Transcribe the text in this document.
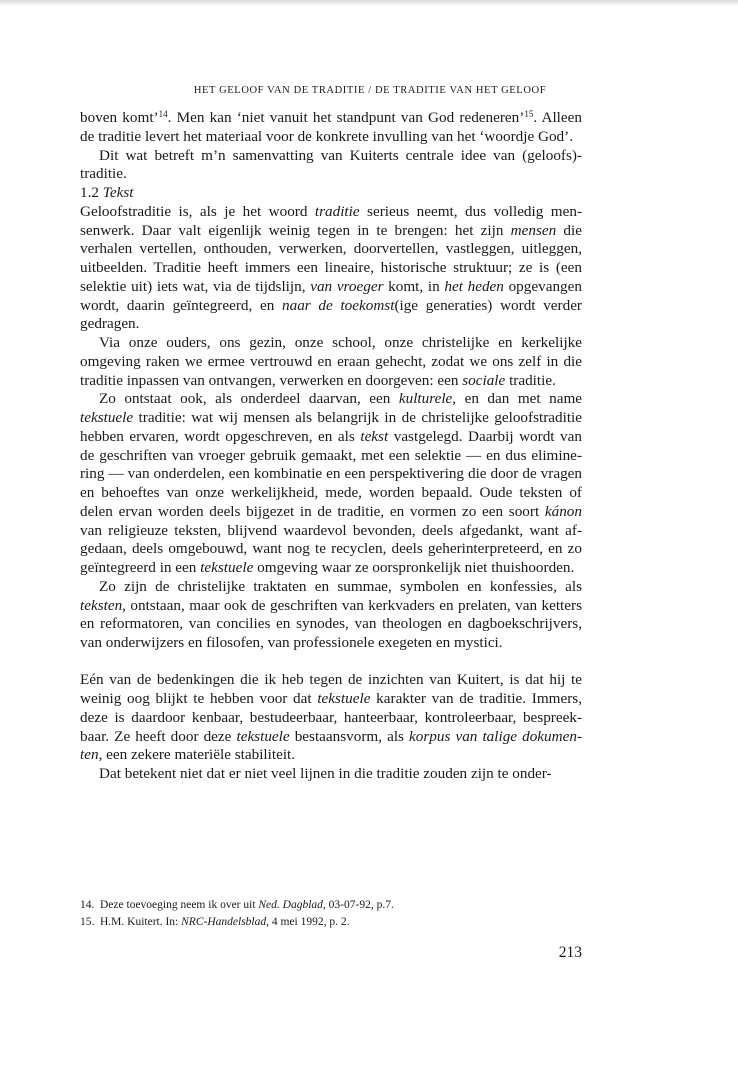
HET GELOOF VAN DE TRADITIE / DE TRADITIE VAN HET GELOOF

boven komt’$^{14}$. Men kan ‘niet vanuit het standpunt van God redeneren’$^{15}$. Alleen de traditie levert het materiaal voor de konkrete invulling van het ‘woordje God’.

Dit wat betreft m’n samenvatting van Kuiterts centrale idee van (geloofs)-traditie.

1.2 Tekst

Geloofstraditie is, als je het woord traditie serieus neemt, dus volledig mensenwerk. Daar valt eigenlijk weinig tegen in te brengen: het zijn mensen die verhalen vertellen, onthouden, verwerken, doorvertellen, vastleggen, uitleggen, uitbeelden. Traditie heeft immers een lineaire, historische struktuur; ze is (een selektie uit) iets wat, via de tijdslijn, van vroeger komt, in het heden opgevangen wordt, daarin geïntegreerd, en naar de toekomst(ige generaties) wordt verder gedragen.

Via onze ouders, ons gezin, onze school, onze christelijke en kerkelijke omgeving raken we ermee vertrouwd en eraan gehecht, zodat we ons zelf in die traditie inpassen van ontvangen, verwerken en doorgeven: een sociale traditie.

Zo ontstaat ook, als onderdeel daarvan, een kulturele, en dan met name tekstuele traditie: wat wij mensen als belangrijk in de christelijke geloofstraditie hebben ervaren, wordt opgeschreven, en als tekst vastgelegd. Daarbij wordt van de geschriften van vroeger gebruik gemaakt, met een selektie — en dus eliminering — van onderdelen, een kombinatie en een perspektivering die door de vragen en behoeftes van onze werkelijkheid, mede, worden bepaald. Oude teksten of delen ervan worden deels bijgezet in de traditie, en vormen zo een soort kánon van religieuze teksten, blijvend waardevol bevonden, deels afgedankt, want afgedaan, deels omgebouwd, want nog te recyclen, deels geherinterpreteerd, en zo geïntegreerd in een tekstuele omgeving waar ze oorspronkelijk niet thuishoorden.

Zo zijn de christelijke traktaten en summae, symbolen en konfessies, als teksten, ontstaan, maar ook de geschriften van kerkvaders en prelaten, van ketters en reformatoren, van concilies en synodes, van theologen en dagboekschrijvers, van onderwijzers en filosofen, van professionele exegeten en mystici.

Eén van de bedenkingen die ik heb tegen de inzichten van Kuitert, is dat hij te weinig oog blijkt te hebben voor dat tekstuele karakter van de traditie. Immers, deze is daardoor kenbaar, bestudeerbaar, hanteerbaar, kontroleerbaar, bespreekbaar. Ze heeft door deze tekstuele bestaansvorm, als korpus van talige dokumenten, een zekere materiële stabiliteit.

Dat betekent niet dat er niet veel lijnen in die traditie zouden zijn te onder-

14. Deze toevoeging neem ik over uit Ned. Dagblad, 03-07-92, p.7.
15. H.M. Kuitert. In: NRC-Handelsblad, 4 mei 1992, p. 2.
213
